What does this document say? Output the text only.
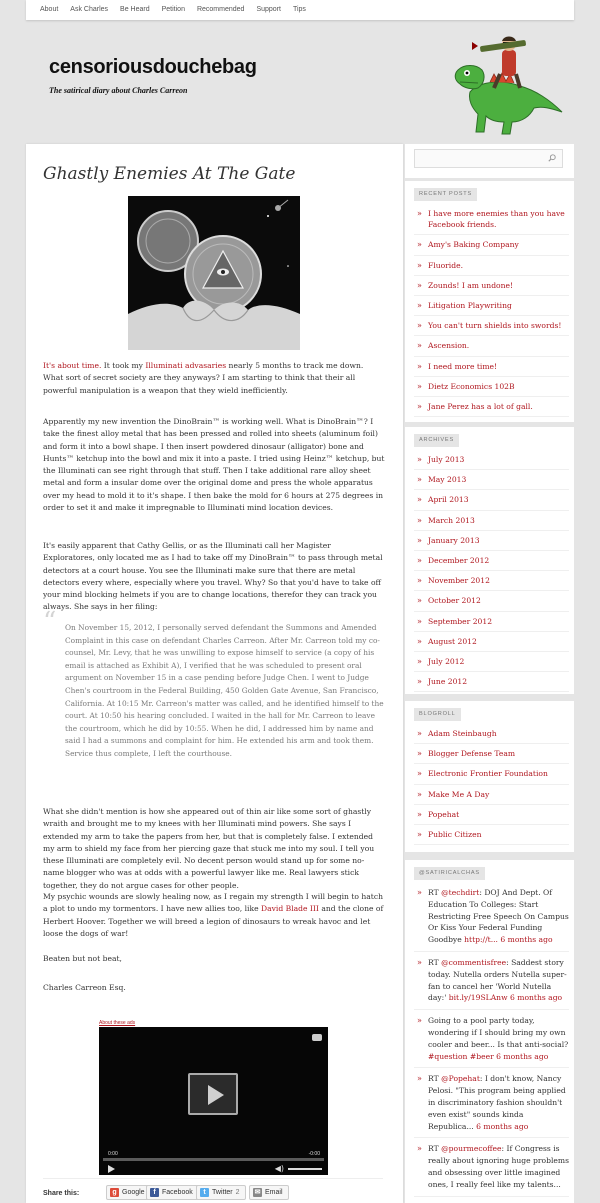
About	Ask Charles	Be Heard	Petition	Recommended	Support	Tips
censoriousdouchebag
The satirical diary about Charles Carreon
Ghastly Enemies At The Gate

It's about time. It took my Illuminati advasaries nearly 5 months to track me down. What sort of secret society are they anyways? I am starting to think that their all powerful manipulation is a weapon that they wield inefficiently.

Apparently my new invention the DinoBrain™ is working well. What is DinoBrain™? I take the finest alloy metal that has been pressed and rolled into sheets (aluminum foil) and form it into a bowl shape. I then insert powdered dinosaur (alligator) bone and Hunts™ ketchup into the bowl and mix it into a paste. I tried using Heinz™ ketchup, but the Illuminati can see right through that stuff. Then I take additional rare alloy sheet metal and form a insular dome over the original dome and press the whole apparatus over my head to mold it to it's shape. I then bake the mold for 6 hours at 275 degrees in order to set it and make it impregnable to Illuminati mind location devices.

It's easily apparent that Cathy Gellis, or as the Illuminati call her Magister Exploratores, only located me as I had to take off my DinoBrain™ to pass through metal detectors at a court house. You see the Illuminati make sure that there are metal detectors every where, especially where you travel. Why? So that you'd have to take off your mind blocking helmets if you are to change locations, therefor they can track you always. She says in her filing:

“ On November 15, 2012, I personally served defendant the Summons and Amended Complaint in this case on defendant Charles Carreon. After Mr. Carreon told my co-counsel, Mr. Levy, that he was unwilling to expose himself to service (a copy of his email is attached as Exhibit A), I verified that he was scheduled to present oral argument on November 15 in a case pending before Judge Chen. I went to Judge Chen's courtroom in the Federal Building, 450 Golden Gate Avenue, San Francisco, California. At 10:15 Mr. Carreon's matter was called, and he identified himself to the court. At 10:50 his hearing concluded. I waited in the hall for Mr. Carreon to leave the courtroom, which he did by 10:55. When he did, I addressed him by name and said I had a summons and complaint for him. He extended his arm and took them. Service thus complete, I left the courthouse.

What she didn't mention is how she appeared out of thin air like some sort of ghastly wraith and brought me to my knees with her Illuminati mind powers. She says I extended my arm to take the papers from her, but that is completely false. I extended my arm to shield my face from her piercing gaze that stuck me into my soul. I tell you these Illuminati are completely evil. No decent person would stand up for some no-name blogger who was at odds with a powerful lawyer like me. Real lawyers stick together, they do not argue cases for other people.

My psychic wounds are slowly healing now, as I regain my strength I will begin to hatch a plot to undo my tormentors. I have new allies too, like David Blade III and the clone of Herbert Hoover. Together we will breed a legion of dinosaurs to wreak havoc and let loose the dogs of war!

Beaten but not beat,

Charles Carreon Esq.

About these ads
0:00	-0:00
◀)
Share this:	g Google	f Facebook	t Twitter 2 ✉ Email
RECENT POSTS
» I have more enemies than you have Facebook friends.
» Amy's Baking Company
» Fluoride.
» Zounds! I am undone!
» Litigation Playwriting
» You can't turn shields into swords!
» Ascension.
» I need more time!
» Dietz Economics 102B
» Jane Perez has a lot of gall.
ARCHIVES
» July 2013
» May 2013
» April 2013
» March 2013
» January 2013
» December 2012
» November 2012
» October 2012
» September 2012
» August 2012
» July 2012
» June 2012
BLOGROLL
» Adam Steinbaugh
» Blogger Defense Team
» Electronic Frontier Foundation
» Make Me A Day
» Popehat
» Public Citizen
@SATIRICALCHAS
» RT @techdirt: DOJ And Dept. Of Education To Colleges: Start Restricting Free Speech On Campus Or Kiss Your Federal Funding Goodbye http://t... 6 months ago
» RT @commentisfree: Saddest story today. Nutella orders Nutella super-fan to cancel her 'World Nutella day:' bit.ly/19SLAnw 6 months ago
» Going to a pool party today, wondering if I should bring my own cooler and beer... Is that anti-social? #question #beer 6 months ago
» RT @Popehat: I don't know, Nancy Pelosi. "This program being applied in discriminatory fashion shouldn't even exist" sounds kinda Republica... 6 months ago
» RT @pourmecoffee: If Congress is really about ignoring huge problems and obsessing over little imagined ones, I really feel like my talents...
